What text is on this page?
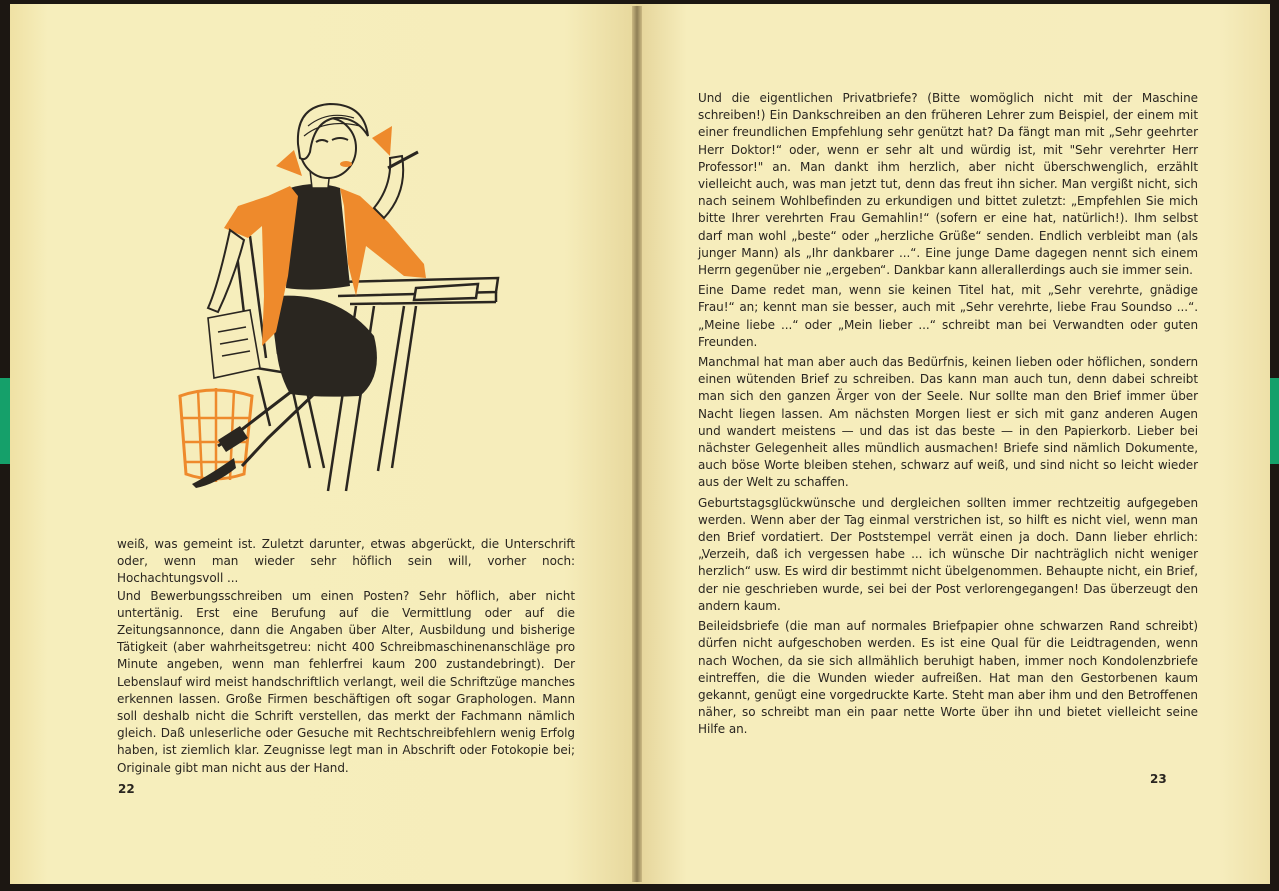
weiß, was gemeint ist. Zuletzt darunter, etwas abgerückt, die Unterschrift oder, wenn man wieder sehr höflich sein will, vorher noch: Hochachtungsvoll ...

Und Bewerbungsschreiben um einen Posten? Sehr höflich, aber nicht untertänig. Erst eine Berufung auf die Vermittlung oder auf die Zeitungsannonce, dann die Angaben über Alter, Ausbildung und bisherige Tätigkeit (aber wahrheitsgetreu: nicht 400 Schreibmaschinenanschläge pro Minute angeben, wenn man fehlerfrei kaum 200 zustandebringt). Der Lebenslauf wird meist handschriftlich verlangt, weil die Schriftzüge manches erkennen lassen. Große Firmen beschäftigen oft sogar Graphologen. Mann soll deshalb nicht die Schrift verstellen, das merkt der Fachmann nämlich gleich. Daß unleserliche oder Gesuche mit Rechtschreibfehlern wenig Erfolg haben, ist ziemlich klar. Zeugnisse legt man in Abschrift oder Fotokopie bei; Originale gibt man nicht aus der Hand.

22

Und die eigentlichen Privatbriefe? (Bitte womöglich nicht mit der Maschine schreiben!) Ein Dankschreiben an den früheren Lehrer zum Beispiel, der einem mit einer freundlichen Empfehlung sehr genützt hat? Da fängt man mit „Sehr geehrter Herr Doktor!“ oder, wenn er sehr alt und würdig ist, mit "Sehr verehrter Herr Professor!" an. Man dankt ihm herzlich, aber nicht überschwenglich, erzählt vielleicht auch, was man jetzt tut, denn das freut ihn sicher. Man vergißt nicht, sich nach seinem Wohlbefinden zu erkundigen und bittet zuletzt: „Empfehlen Sie mich bitte Ihrer verehrten Frau Gemahlin!“ (sofern er eine hat, natürlich!). Ihm selbst darf man wohl „beste“ oder „herzliche Grüße“ senden. Endlich verbleibt man (als junger Mann) als „Ihr dankbarer ...“. Eine junge Dame dagegen nennt sich einem Herrn gegenüber nie „ergeben“. Dankbar kann allerallerdings auch sie immer sein.

Eine Dame redet man, wenn sie keinen Titel hat, mit „Sehr verehrte, gnädige Frau!“ an; kennt man sie besser, auch mit „Sehr verehrte, liebe Frau Soundso ...“. „Meine liebe ...“ oder „Mein lieber ...“ schreibt man bei Verwandten oder guten Freunden.

Manchmal hat man aber auch das Bedürfnis, keinen lieben oder höflichen, sondern einen wütenden Brief zu schreiben. Das kann man auch tun, denn dabei schreibt man sich den ganzen Ärger von der Seele. Nur sollte man den Brief immer über Nacht liegen lassen. Am nächsten Morgen liest er sich mit ganz anderen Augen und wandert meistens — und das ist das beste — in den Papierkorb. Lieber bei nächster Gelegenheit alles mündlich ausmachen! Briefe sind nämlich Dokumente, auch böse Worte bleiben stehen, schwarz auf weiß, und sind nicht so leicht wieder aus der Welt zu schaffen.

Geburtstagsglückwünsche und dergleichen sollten immer rechtzeitig aufgegeben werden. Wenn aber der Tag einmal verstrichen ist, so hilft es nicht viel, wenn man den Brief vordatiert. Der Poststempel verrät einen ja doch. Dann lieber ehrlich: „Verzeih, daß ich vergessen habe ... ich wünsche Dir nachträglich nicht weniger herzlich“ usw. Es wird dir bestimmt nicht übelgenommen. Behaupte nicht, ein Brief, der nie geschrieben wurde, sei bei der Post verlorengegangen! Das überzeugt den andern kaum.

Beileidsbriefe (die man auf normales Briefpapier ohne schwarzen Rand schreibt) dürfen nicht aufgeschoben werden. Es ist eine Qual für die Leidtragenden, wenn nach Wochen, da sie sich allmählich beruhigt haben, immer noch Kondolenzbriefe eintreffen, die die Wunden wieder aufreißen. Hat man den Gestorbenen kaum gekannt, genügt eine vorgedruckte Karte. Steht man aber ihm und den Betroffenen näher, so schreibt man ein paar nette Worte über ihn und bietet vielleicht seine Hilfe an.

23
